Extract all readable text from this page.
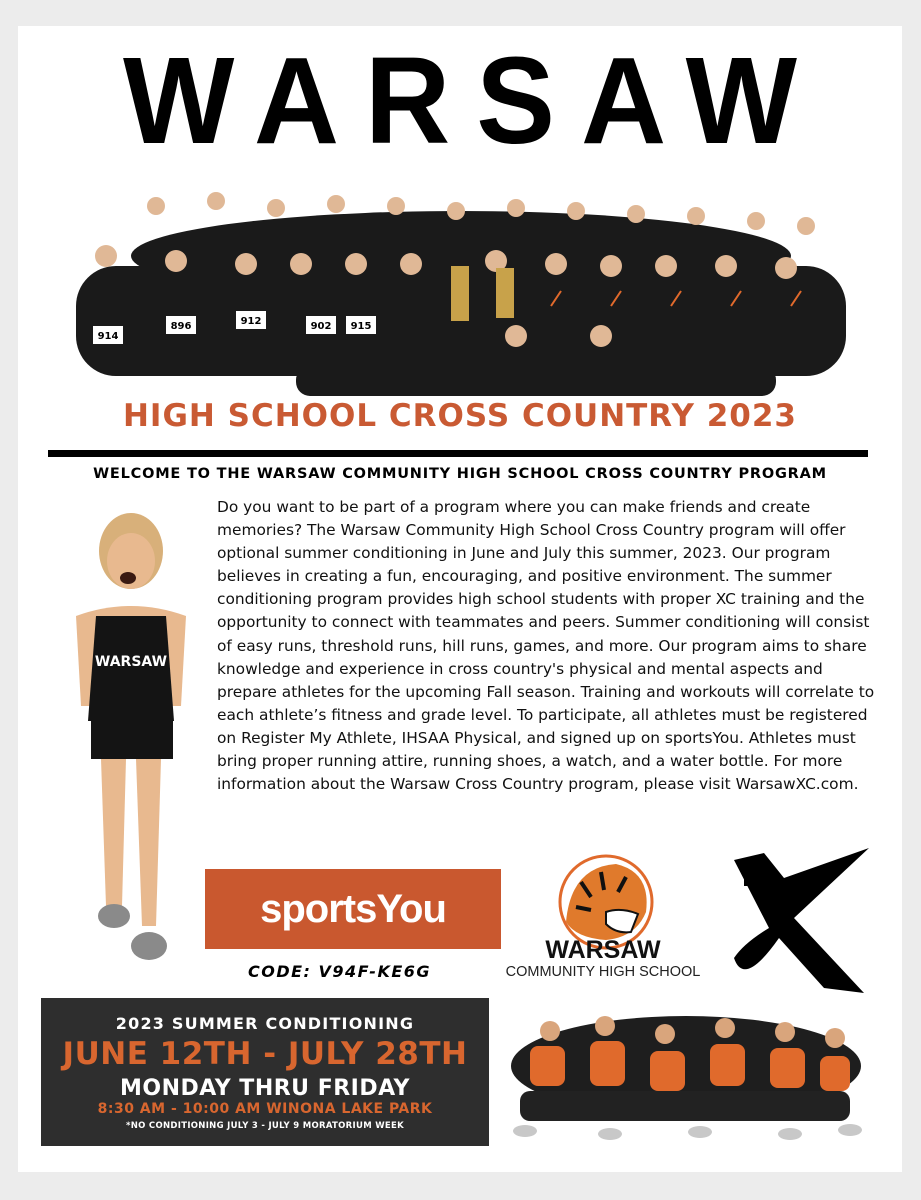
WARSAW
914
896	912	902 915
HIGH SCHOOL CROSS COUNTRY 2023
WELCOME TO THE WARSAW COMMUNITY HIGH SCHOOL CROSS COUNTRY PROGRAM
WARSAW
Do you want to be part of a program where you can make friends and create memories? The Warsaw Community High School Cross Country program will offer optional summer conditioning in June and July this summer, 2023. Our program believes in creating a fun, encouraging, and positive environment. The summer conditioning program provides high school students with proper XC training and the opportunity to connect with teammates and peers. Summer conditioning will consist of easy runs, threshold runs, hill runs, games, and more. Our program aims to share knowledge and experience in cross country's physical and mental aspects and prepare athletes for the upcoming Fall season. Training and workouts will correlate to each athlete’s fitness and grade level. To participate, all athletes must be registered on Register My Athlete, IHSAA Physical, and signed up on sportsYou. Athletes must bring proper running attire, running shoes, a watch, and a water bottle. For more information about the Warsaw Cross Country program, please visit WarsawXC.com.
sportsYou
CODE: V94F-KE6G
WARSAW
COMMUNITY HIGH SCHOOL
2023 SUMMER CONDITIONING
JUNE 12TH - JULY 28TH
MONDAY THRU FRIDAY
8:30 AM - 10:00 AM WINONA LAKE PARK
*NO CONDITIONING JULY 3 - JULY 9 MORATORIUM WEEK
